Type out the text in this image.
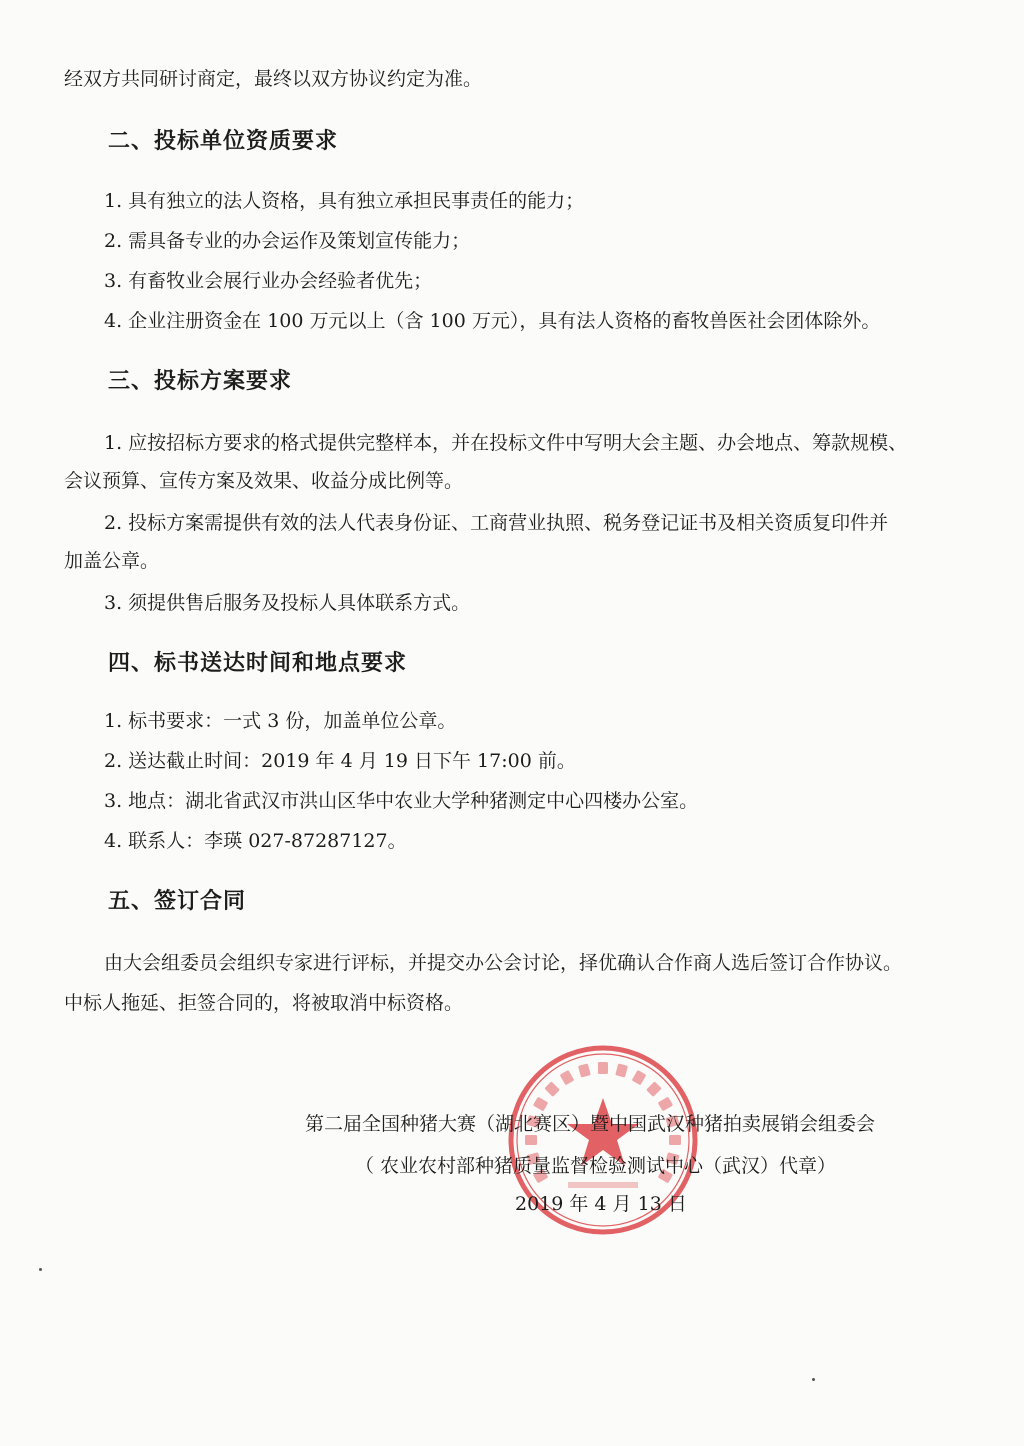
经双方共同研讨商定，最终以双方协议约定为准。
二、投标单位资质要求
1. 具有独立的法人资格，具有独立承担民事责任的能力；
2. 需具备专业的办会运作及策划宣传能力；
3. 有畜牧业会展行业办会经验者优先；
4. 企业注册资金在 100 万元以上（含 100 万元），具有法人资格的畜牧兽医社会团体除外。
三、投标方案要求
1. 应按招标方要求的格式提供完整样本，并在投标文件中写明大会主题、办会地点、筹款规模、
会议预算、宣传方案及效果、收益分成比例等。
2. 投标方案需提供有效的法人代表身份证、工商营业执照、税务登记证书及相关资质复印件并
加盖公章。
3. 须提供售后服务及投标人具体联系方式。
四、标书送达时间和地点要求
1. 标书要求：一式 3 份，加盖单位公章。
2. 送达截止时间：2019 年 4 月 19 日下午 17:00 前。
3. 地点：湖北省武汉市洪山区华中农业大学种猪测定中心四楼办公室。
4. 联系人：李瑛 027-87287127。
五、签订合同
由大会组委员会组织专家进行评标，并提交办公会讨论，择优确认合作商人选后签订合作协议。
中标人拖延、拒签合同的，将被取消中标资格。
第二届全国种猪大赛（湖北赛区）暨中国武汉种猪拍卖展销会组委会
（ 农业农村部种猪质量监督检验测试中心（武汉）代章）
2019 年 4 月 13 日
